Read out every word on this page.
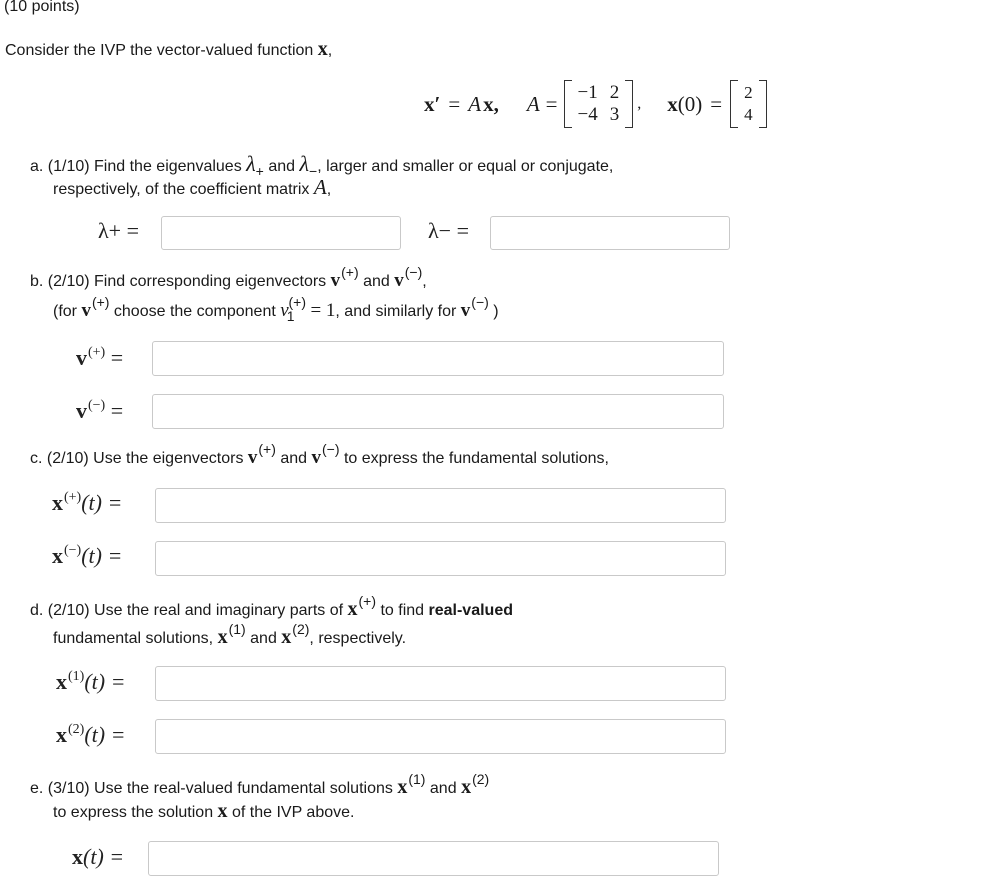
(10 points)
Consider the IVP the vector-valued function x,
x′ = A x, A = −1 2
−4 3
, x (0) = 2
4
a. (1/10) Find the eigenvalues λ+ and λ−, larger and smaller or equal or conjugate,
respectively, of the coefficient matrix A,
λ+ =	λ− =
b. (2/10) Find corresponding eigenvectors v(+) and v(−),
(for v(+) choose the component v1(+) = 1, and similarly for v(−) )
v(+) =
v(−) =
c. (2/10) Use the eigenvectors v(+) and v(−) to express the fundamental solutions,
x(+)(t) =
x(−)(t) =
d. (2/10) Use the real and imaginary parts of x(+) to find real-valued
fundamental solutions, x(1) and x(2), respectively.
$x^{(1)}(t)$ =
$x^{(2)}(t)$ =
e. (3/10) Use the real-valued fundamental solutions x(1) and x(2)
to express the solution x of the IVP above.
x(t) =
